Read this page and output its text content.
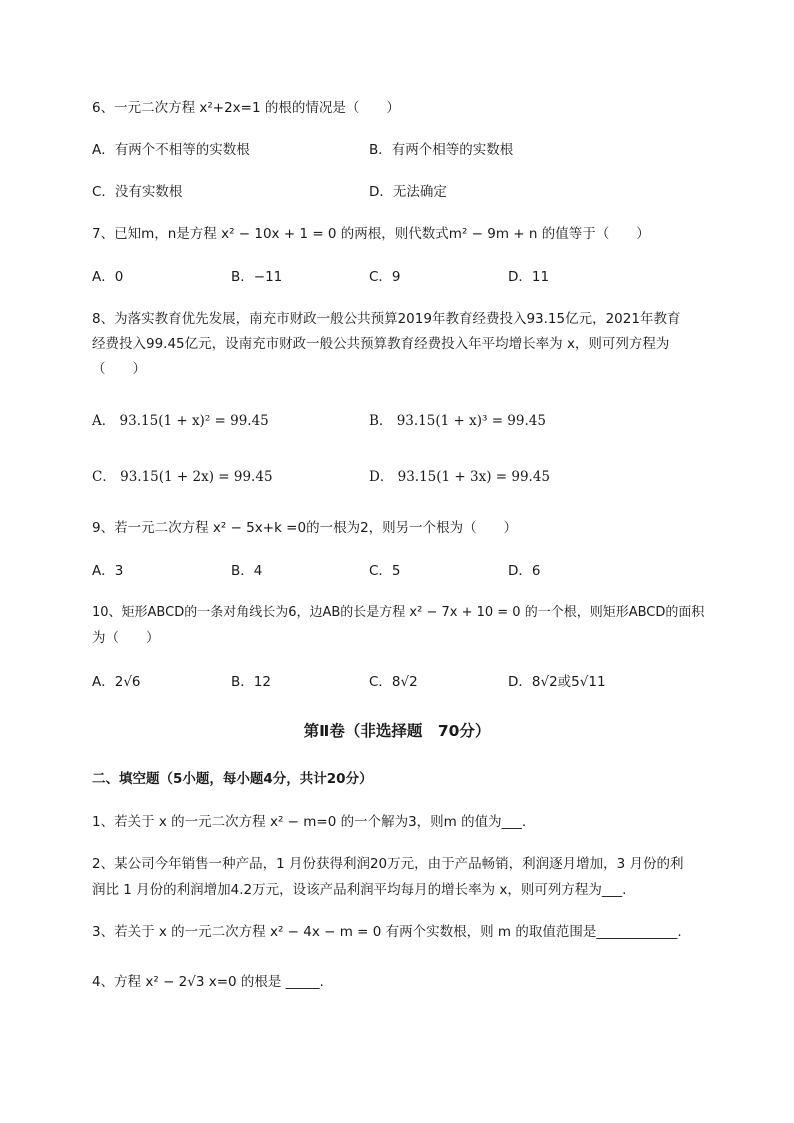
6、一元二次方程 x²+2x=1 的根的情况是（　　）
A．有两个不相等的实数根	B．有两个相等的实数根
C．没有实数根	D．无法确定
7、已知m，n是方程 x² − 10x + 1 = 0 的两根，则代数式m² − 9m + n 的值等于（　　）
A．0	B．−11	C．9	D．11
8、为落实教育优先发展，南充市财政一般公共预算2019年教育经费投入93.15亿元，2021年教育
经费投入99.45亿元，设南充市财政一般公共预算教育经费投入年平均增长率为 x，则可列方程为
（　　）
A． 93.15(1 + x)² = 99.45	B． 93.15(1 + x)³ = 99.45
C． 93.15(1 + 2x) = 99.45	D． 93.15(1 + 3x) = 99.45
9、若一元二次方程 x² − 5x+k =0的一根为2，则另一个根为（　　）
A．3	B．4	C．5	D．6
10、矩形ABCD的一条对角线长为6，边AB的长是方程 x² − 7x + 10 = 0 的一个根，则矩形ABCD的面积
为（　　）
A．2√6	B．12	C．8√2	D．8√2或5√11
第Ⅱ卷（非选择题　70分）
二、填空题（5小题，每小题4分，共计20分）
1、若关于 x 的一元二次方程 x² − m=0 的一个解为3，则m 的值为___.
2、某公司今年销售一种产品，1 月份获得利润20万元，由于产品畅销，利润逐月增加，3 月份的利
润比 1 月份的利润增加4.2万元，设该产品利润平均每月的增长率为 x，则可列方程为___.
3、若关于 x 的一元二次方程 x² − 4x − m = 0 有两个实数根，则 m 的取值范围是____________.
4、方程 x² − 2√3 x=0 的根是 _____.
